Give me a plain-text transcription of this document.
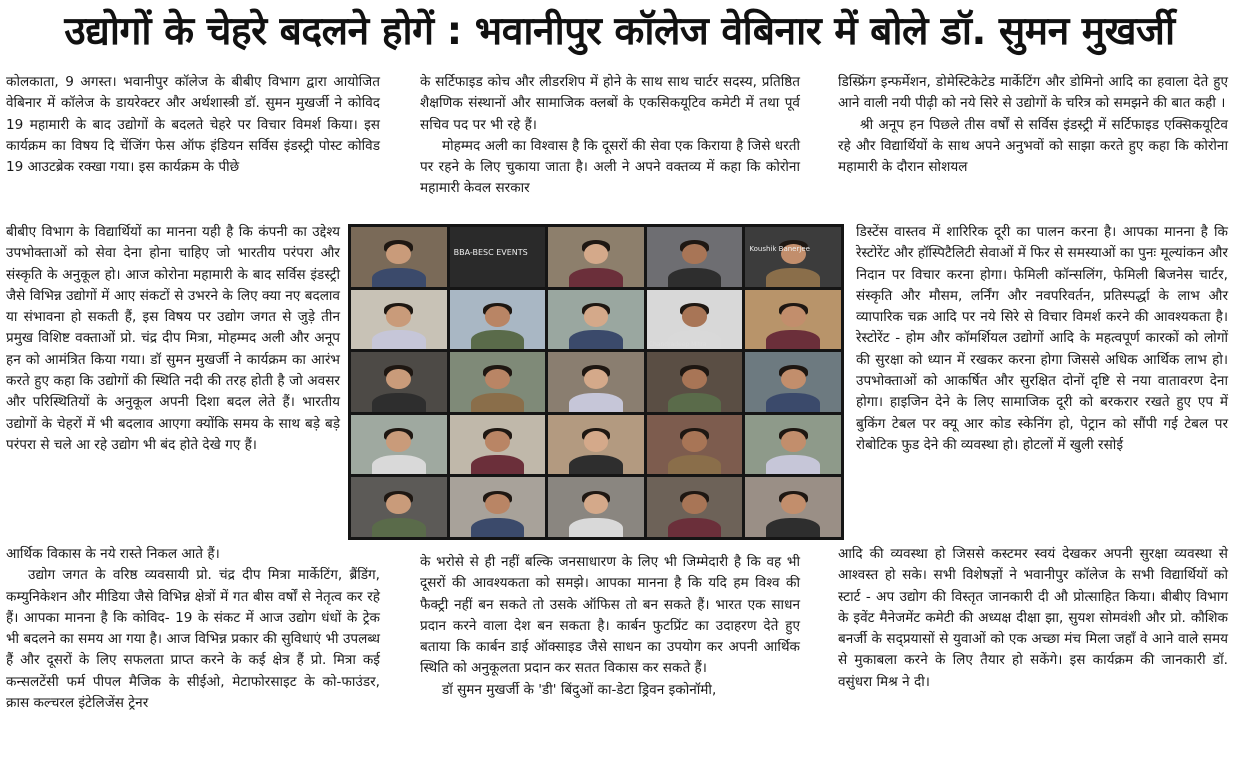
उद्योगों के चेहरे बदलने होगें : भवानीपुर कॉलेज वेबिनार में बोले डॉ. सुमन मुखर्जी

कोलकाता, 9 अगस्त। भवानीपुर कॉलेज के बीबीए विभाग द्वारा आयोजित वेबिनार में कॉलेज के डायरेक्टर और अर्थशास्त्री डॉ. सुमन मुखर्जी ने कोविद 19 महामारी के बाद उद्योगों के बदलते चेहरे पर विचार विमर्श किया। इस कार्यक्रम का विषय दि चेंजिंग फेस ऑफ इंडियन सर्विस इंडस्ट्री पोस्ट कोविड 19 आउटब्रेक रक्खा गया। इस कार्यक्रम के पीछे

बीबीए विभाग के विद्यार्थियों का मानना यही है कि कंपनी का उद्देश्य उपभोक्ताओं को सेवा देना होना चाहिए जो भारतीय परंपरा और संस्कृति के अनुकूल हो। आज कोरोना महामारी के बाद सर्विस इंडस्ट्री जैसे विभिन्न उद्योगों में आए संकटों से उभरने के लिए क्या नए बदलाव या संभावना हो सकती हैं, इस विषय पर उद्योग जगत से जुड़े तीन प्रमुख विशिष्ट वक्ताओं प्रो. चंद्र दीप मित्रा, मोहम्मद अली और अनूप हन को आमंत्रित किया गया। डॉ सुमन मुखर्जी ने कार्यक्रम का आरंभ करते हुए कहा कि उद्योगों की स्थिति नदी की तरह होती है जो अवसर और परिस्थितियों के अनुकूल अपनी दिशा बदल लेते हैं। भारतीय उद्योगों के चेहरों में भी बदलाव आएगा क्योंकि समय के साथ बड़े बड़े परंपरा से चले आ रहे उद्योग भी बंद होते देखे गए हैं।

आर्थिक विकास के नये रास्ते निकल आते हैं।

उद्योग जगत के वरिष्ठ व्यवसायी प्रो. चंद्र दीप मित्रा मार्केटिंग, ब्रैंडिंग, कम्युनिकेशन और मीडिया जैसे विभिन्न क्षेत्रों में गत बीस वर्षों से नेतृत्व कर रहे हैं। आपका मानना है कि कोविद- 19 के संकट में आज उद्योग धंधों के ट्रेक भी बदलने का समय आ गया है। आज विभिन्न प्रकार की सुविधाएं भी उपलब्ध हैं और दूसरों के लिए सफलता प्राप्त करने के कई क्षेत्र हैं प्रो. मित्रा कई कन्सलटेंसी फर्म पीपल मैजिक के सीईओ, मेटाफोरसाइट के को-फाउंडर, क्रास कल्चरल इंटेलिजेंस ट्रेनर

के सर्टिफाइड कोच और लीडरशिप में होने के साथ साथ चार्टर सदस्य, प्रतिष्ठित शैक्षणिक संस्थानों और सामाजिक क्लबों के एकसिकयूटिव कमेटी में तथा पूर्व सचिव पद पर भी रहे हैं।

मोहम्मद अली का विश्वास है कि दूसरों की सेवा एक किराया है जिसे धरती पर रहने के लिए चुकाया जाता है। अली ने अपने वक्तव्य में कहा कि कोरोना महामारी केवल सरकार

के भरोसे से ही नहीं बल्कि जनसाधारण के लिए भी जिम्मेदारी है कि वह भी दूसरों की आवश्यकता को समझे। आपका मानना है कि यदि हम विश्व की फैक्ट्री नहीं बन सकते तो उसके ऑफिस तो बन सकते हैं। भारत एक साधन प्रदान करने वाला देश बन सकता है। कार्बन फुटप्रिंट का उदाहरण देते हुए बताया कि कार्बन डाई ऑक्साइड जैसे साधन का उपयोग कर अपनी आर्थिक स्थिति को अनुकूलता प्रदान कर सतत विकास कर सकते हैं।

डॉ सुमन मुखर्जी के 'डी' बिंदुओं का-डेटा ड्रिवन इकोनॉमी,

डिस्फ्रिंग इन्फर्मेशन, डोमेस्टिकेटेड मार्केटिंग और डोमिनो आदि का हवाला देते हुए आने वाली नयी पीढ़ी को नये सिरे से उद्योगों के चरित्र को समझने की बात कही ।

श्री अनूप हन पिछले तीस वर्षों से सर्विस इंडस्ट्री में सर्टिफाइड एक्सिकयूटिव रहे और विद्यार्थियों के साथ अपने अनुभवों को साझा करते हुए कहा कि कोरोना महामारी के दौरान सोशयल

डिस्टेंस वास्तव में शारिरिक दूरी का पालन करना है। आपका मानना है कि रेस्टोरेंट और हॉस्पिटैलिटी सेवाओं में फिर से समस्याओं का पुनः मूल्यांकन और निदान पर विचार करना होगा। फेमिली कॉन्सलिंग, फेमिली बिजनेस चार्टर, संस्कृति और मौसम, लर्निंग और नवपरिवर्तन, प्रतिस्पर्द्धा के लाभ और व्यापारिक चक्र आदि पर नये सिरे से विचार विमर्श करने की आवश्यकता है। रेस्टोरेंट - होम और कॉमर्शियल उद्योगों आदि के महत्वपूर्ण कारकों को लोगों की सुरक्षा को ध्यान में रखकर करना होगा जिससे अधिक आर्थिक लाभ हो। उपभोक्ताओं को आकर्षित और सुरक्षित दोनों दृष्टि से नया वातावरण देना होगा। हाइजिन देने के लिए सामाजिक दूरी को बरकरार रखते हुए एप में बुकिंग टेबल पर क्यू आर कोड स्केनिंग हो, पेट्रान को सौंपी गई टेबल पर रोबोटिक फुड देने की व्यवस्था हो। होटलों में खुली रसोई

आदि की व्यवस्था हो जिससे कस्टमर स्वयं देखकर अपनी सुरक्षा व्यवस्था से आश्वस्त हो सके। सभी विशेषज्ञों ने भवानीपुर कॉलेज के सभी विद्यार्थियों को स्टार्ट - अप उद्योग की विस्तृत जानकारी दी औ प्रोत्साहित किया। बीबीए विभाग के इवेंट मैनेजमेंट कमेटी की अध्यक्ष दीक्षा झा, सुयश सोमवंशी और प्रो. कौशिक बनर्जी के सद्प्रयासों से युवाओं को एक अच्छा मंच मिला जहाँ वे आने वाले समय से मुकाबला करने के लिए तैयार हो सकेंगे। इस कार्यक्रम की जानकारी डॉ. वसुंधरा मिश्र ने दी।

BBA-BESC EVENTS	Koushik Banerjee
Chandradeep Mitra
